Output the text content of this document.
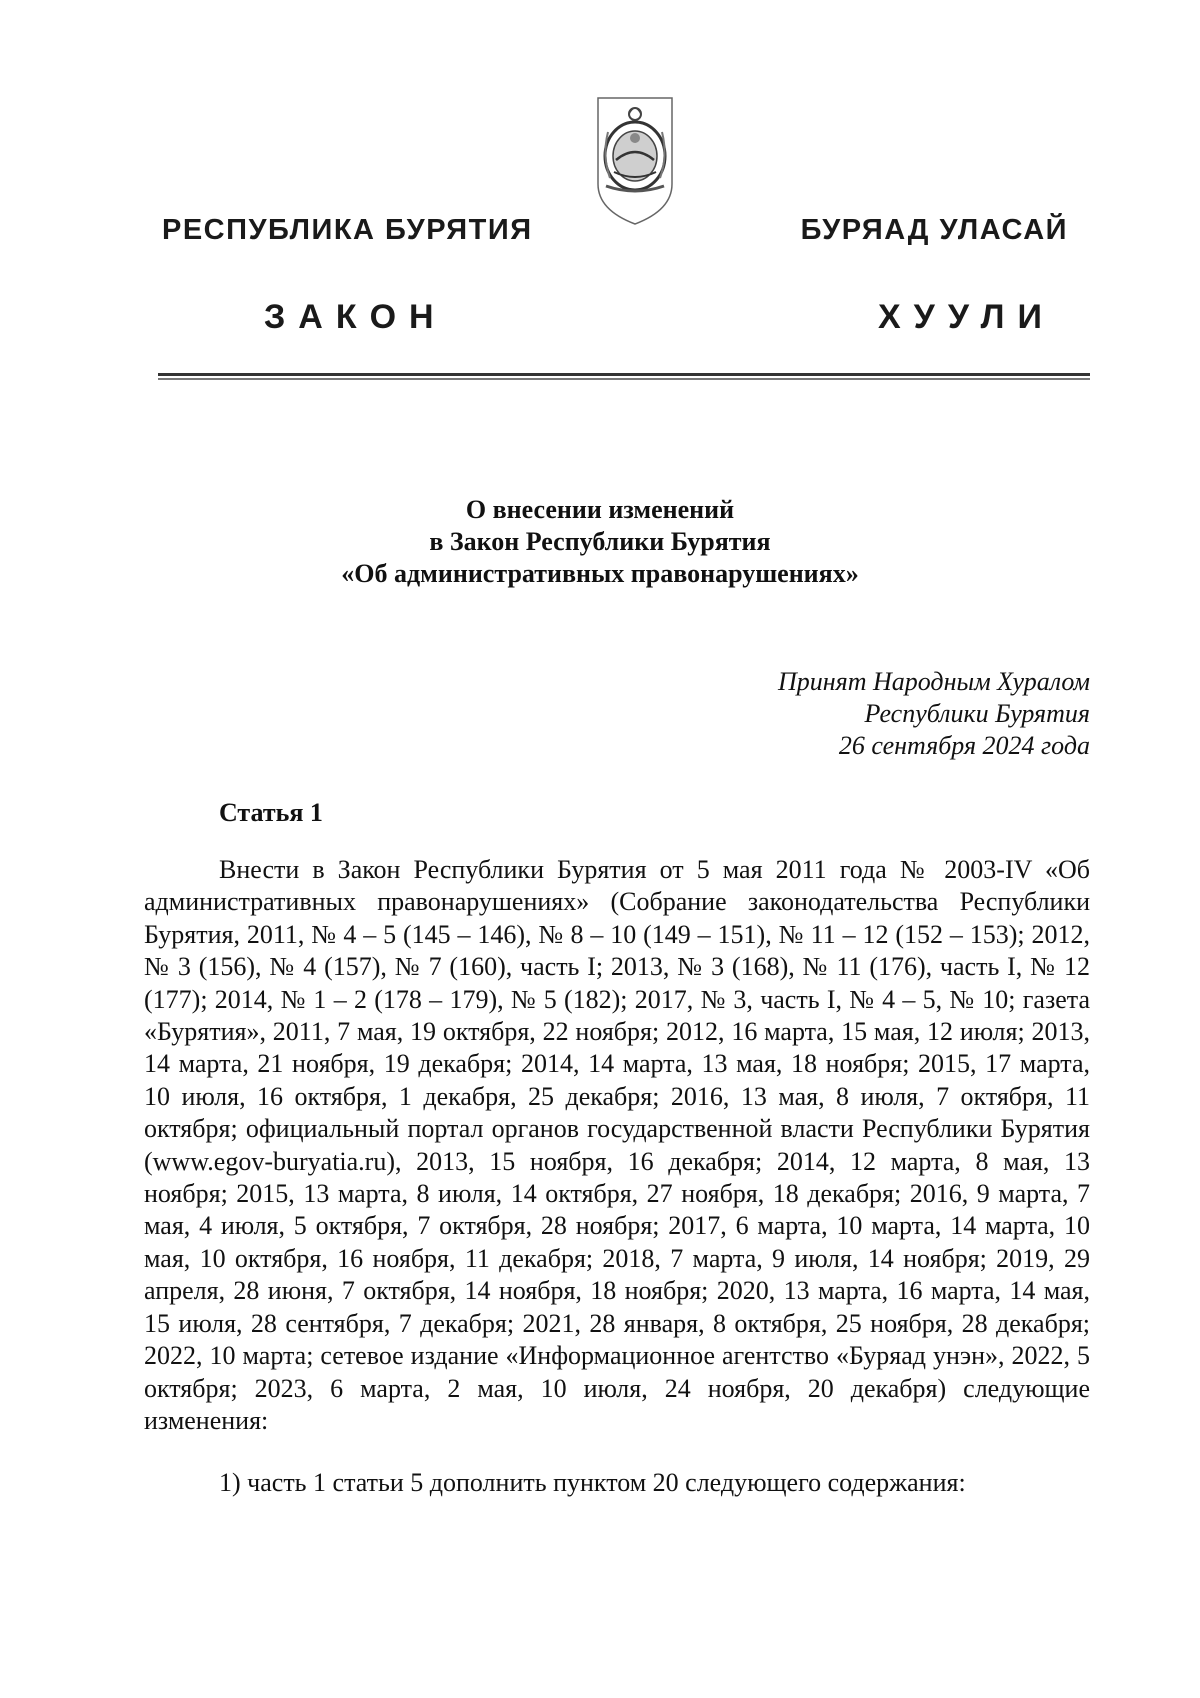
РЕСПУБЛИКА БУРЯТИЯ	БУРЯАД УЛАСАЙ
ЗАКОН	ХУУЛИ
О внесении изменений
в Закон Республики Бурятия
«Об административных правонарушениях»
Принят Народным Хуралом
Республики Бурятия
26 сентября 2024 года
Статья 1
Внести в Закон Республики Бурятия от 5 мая 2011 года № 2003-IV «Об административных правонарушениях» (Собрание законодательства Республики Бурятия, 2011, № 4 – 5 (145 – 146), № 8 – 10 (149 – 151), № 11 – 12 (152 – 153); 2012, № 3 (156), № 4 (157), № 7 (160), часть I; 2013, № 3 (168), № 11 (176), часть I, № 12 (177); 2014, № 1 – 2 (178 – 179), № 5 (182); 2017, № 3, часть I, № 4 – 5, № 10; газета «Бурятия», 2011, 7 мая, 19 октября, 22 ноября; 2012, 16 марта, 15 мая, 12 июля; 2013, 14 марта, 21 ноября, 19 декабря; 2014, 14 марта, 13 мая, 18 ноября; 2015, 17 марта, 10 июля, 16 октября, 1 декабря, 25 декабря; 2016, 13 мая, 8 июля, 7 октября, 11 октября; официальный портал органов государственной власти Республики Бурятия (www.egov-buryatia.ru), 2013, 15 ноября, 16 декабря; 2014, 12 марта, 8 мая, 13 ноября; 2015, 13 марта, 8 июля, 14 октября, 27 ноября, 18 декабря; 2016, 9 марта, 7 мая, 4 июля, 5 октября, 7 октября, 28 ноября; 2017, 6 марта, 10 марта, 14 марта, 10 мая, 10 октября, 16 ноября, 11 декабря; 2018, 7 марта, 9 июля, 14 ноября; 2019, 29 апреля, 28 июня, 7 октября, 14 ноября, 18 ноября; 2020, 13 марта, 16 марта, 14 мая, 15 июля, 28 сентября, 7 декабря; 2021, 28 января, 8 октября, 25 ноября, 28 декабря; 2022, 10 марта; сетевое издание «Информационное агентство «Буряад унэн», 2022, 5 октября; 2023, 6 марта, 2 мая, 10 июля, 24 ноября, 20 декабря) следующие изменения:
1) часть 1 статьи 5 дополнить пунктом 20 следующего содержания:
